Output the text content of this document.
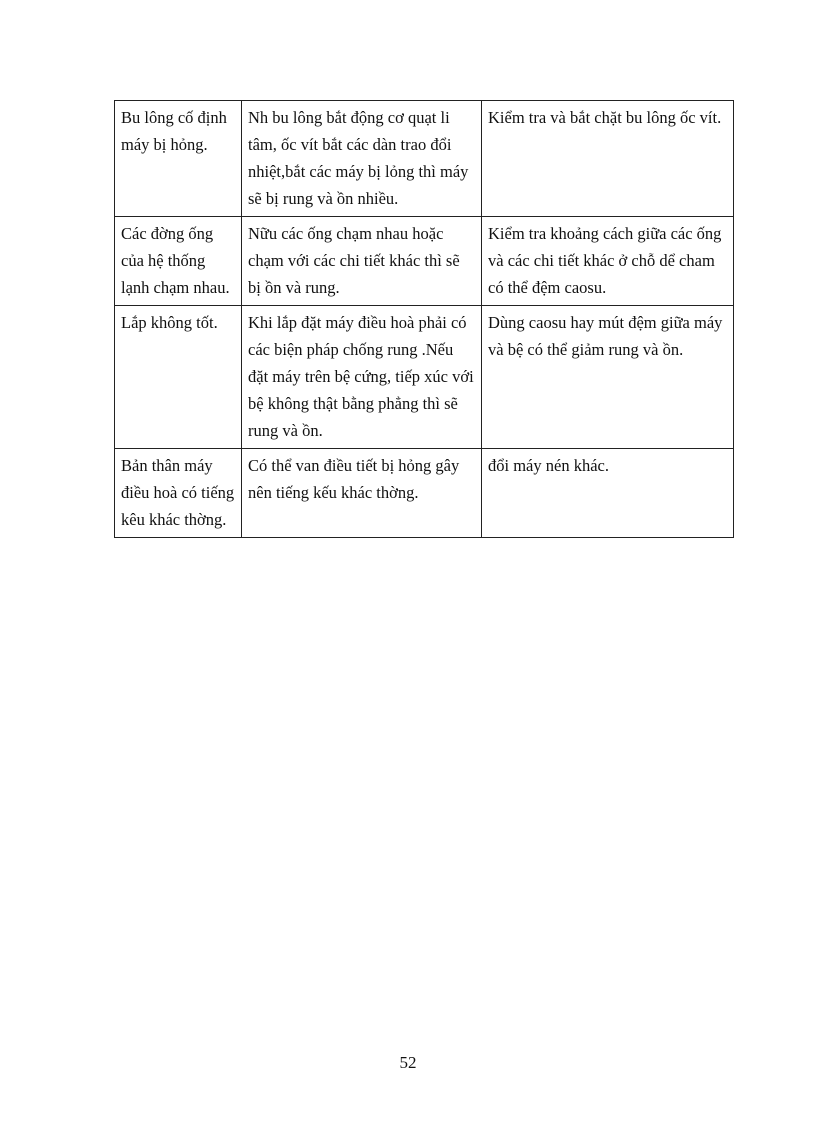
Bu lông cố định máy bị hỏng.	Nh bu lông bắt động cơ quạt li tâm, ốc vít bắt các dàn trao đổi nhiệt,bắt các máy bị lỏng thì máy sẽ bị rung và ồn nhiều.	Kiểm tra và bắt chặt bu lông ốc vít.
Các đờng ống của hệ thống lạnh chạm nhau.	Nữu các ống chạm nhau hoặc chạm với các chi tiết khác thì sẽ bị ồn và rung.	Kiểm tra khoảng cách giữa các ống và các chi tiết khác ở chỗ dể cham có thể đệm caosu.
Lắp không tốt.	Khi lắp đặt máy điều hoà phải có các biện pháp chống rung .Nếu đặt máy trên bệ cứng, tiếp xúc với bệ không thật bằng phẳng thì sẽ rung và ồn.	Dùng caosu hay mút đệm giữa máy và bệ có thể giảm rung và ồn.
Bản thân máy điều hoà có tiếng kêu khác thờng.	Có thể van điều tiết bị hỏng gây nên tiếng kếu khác thờng.	đổi máy nén khác.
52
